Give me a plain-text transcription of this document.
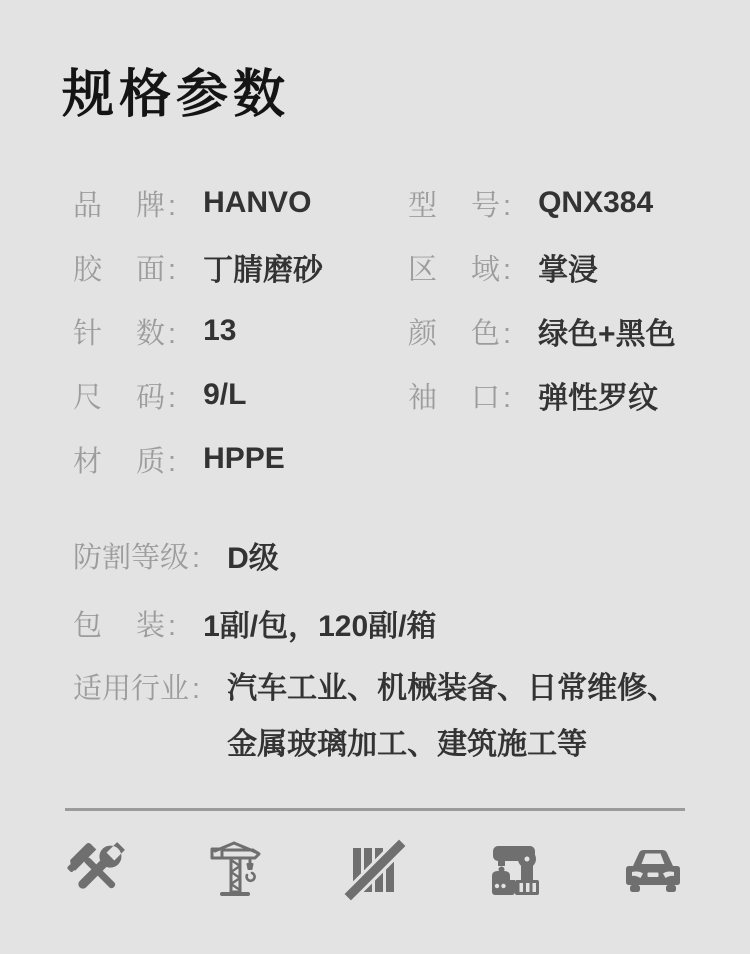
规格参数
品牌 : HANVO	型号 : QNX384
胶面 : 丁腈磨砂	区域 : 掌浸
针数 : 13	颜色 : 绿色+黑色
尺码 : 9/L	袖口 : 弹性罗纹
材质 : HPPE
防割等级 : D级
包装 : 1副/包，120副/箱
适用行业 : 汽车工业、机械装备、日常维修、金属玻璃加工、建筑施工等
